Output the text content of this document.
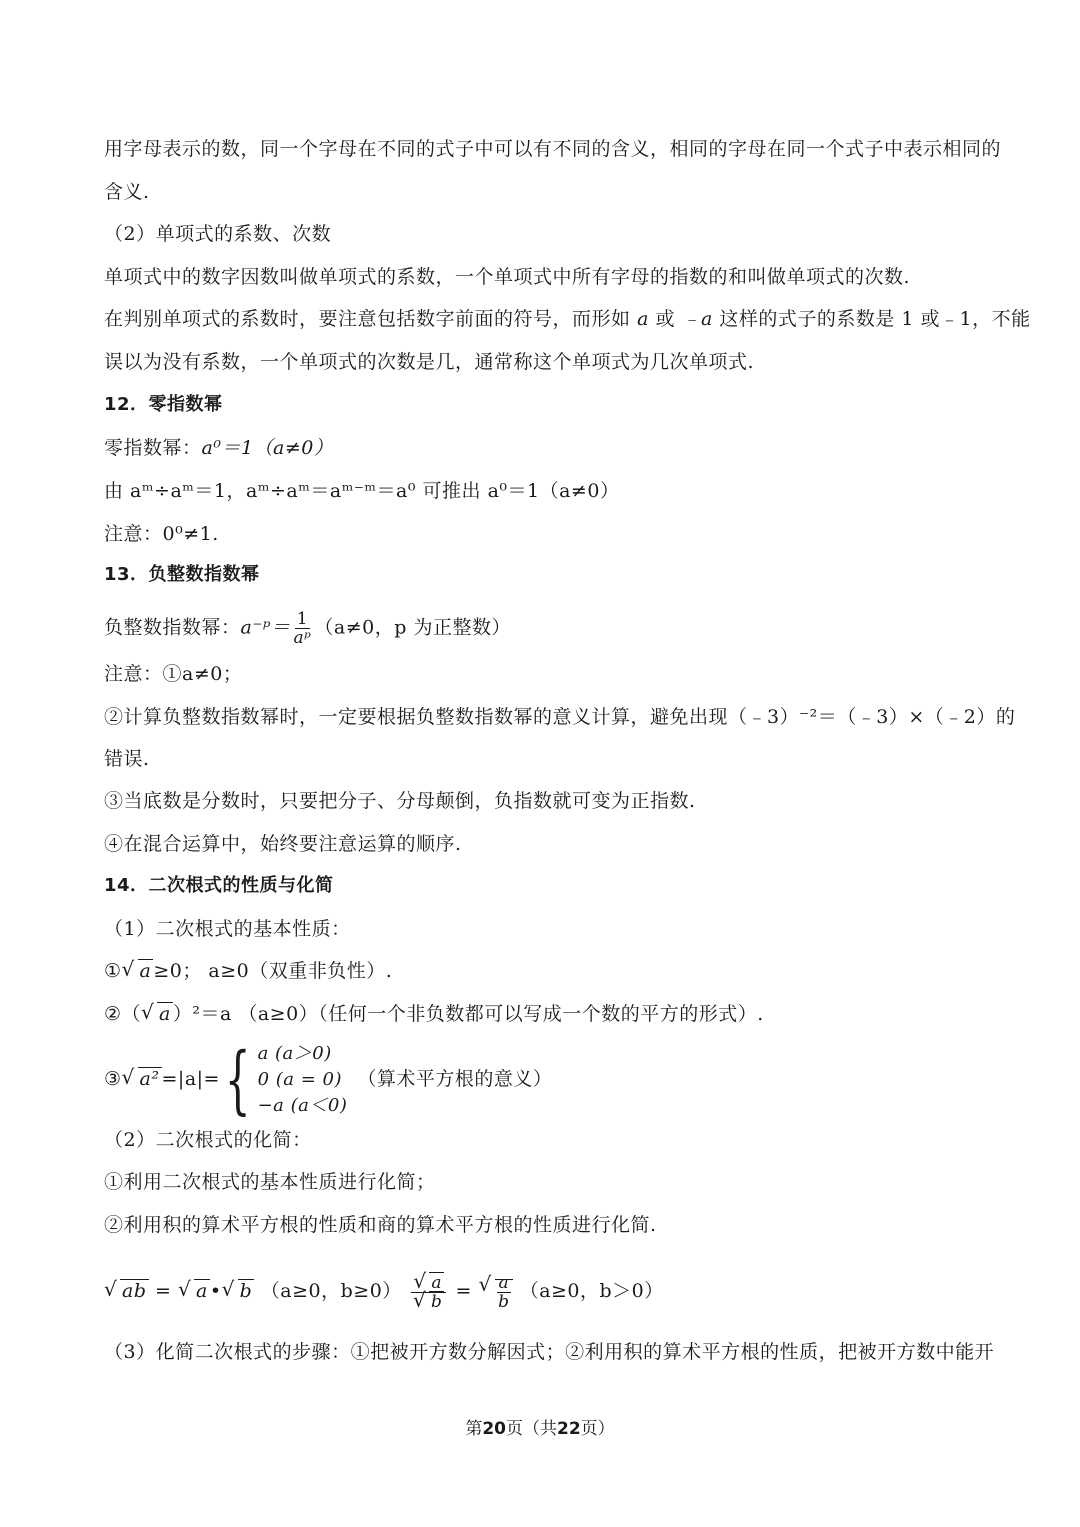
用字母表示的数，同一个字母在不同的式子中可以有不同的含义，相同的字母在同一个式子中表示相同的
含义.
（2）单项式的系数、次数
单项式中的数字因数叫做单项式的系数，一个单项式中所有字母的指数的和叫做单项式的次数.
在判别单项式的系数时，要注意包括数字前面的符号，而形如 a 或 ﹣a 这样的式子的系数是 1 或﹣1，不能
误以为没有系数，一个单项式的次数是几，通常称这个单项式为几次单项式.
12．零指数幂
零指数幂：a⁰＝1（a≠0）
由 aᵐ÷aᵐ＝1，aᵐ÷aᵐ＝aᵐ⁻ᵐ＝a⁰ 可推出 a⁰＝1（a≠0）
注意：0⁰≠1.
13．负整数指数幂
负整数指数幂：a⁻ᵖ＝ $\frac{1}{\text{aᵖ}} (a\ne 0$，p 为正整数）
注意：①a≠0；
②计算负整数指数幂时，一定要根据负整数指数幂的意义计算，避免出现（﹣3）⁻²＝（﹣3）×（﹣2）的
错误.
③当底数是分数时，只要把分子、分母颠倒，负指数就可变为正指数.
④在混合运算中，始终要注意运算的顺序.
14．二次根式的性质与化简
（1）二次根式的基本性质：
① √ a ≥0； a≥0（双重非负性）.
②（ √ a ）²＝a （a≥0）（任何一个非负数都可以写成一个数的平方的形式）.
③ √ a² =|a|= { a (a＞0)
0 (a = 0)
−a (a＜0)
（算术平方根的意义）
（2）二次根式的化简：
①利用二次根式的基本性质进行化简；
②利用积的算术平方根的性质和商的算术平方根的性质进行化简.
√ ab = √ a • √ b （a≥0，b≥0） √ a
√ b = √ $\frac{a}{b} (a\ge 0$，b＞0）
（3）化简二次根式的步骤：①把被开方数分解因式；②利用积的算术平方根的性质，把被开方数中能开
第20页（共22页）
